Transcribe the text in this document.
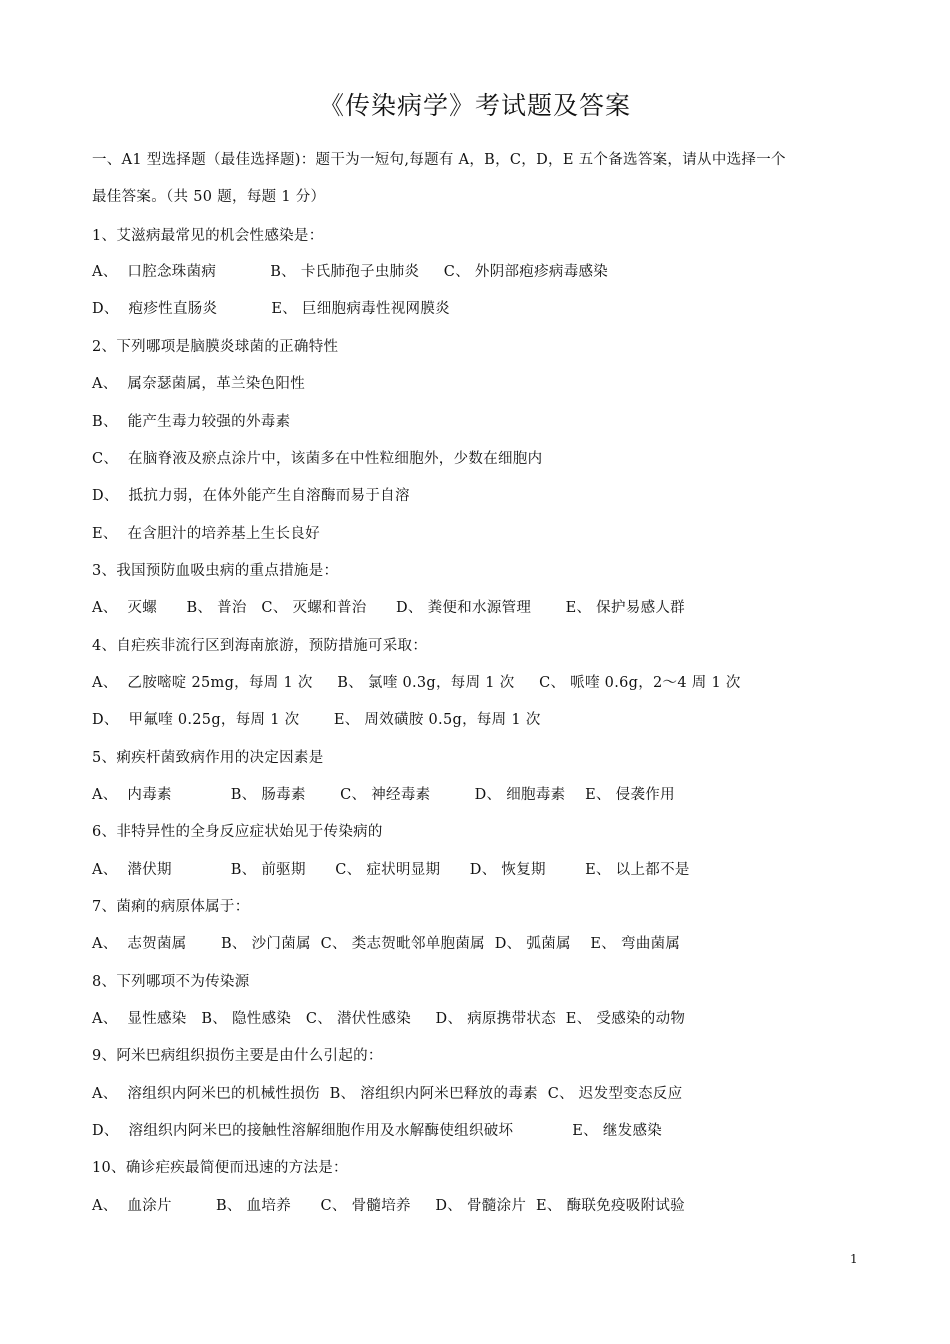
《传染病学》考试题及答案
一、A1 型选择题（最佳选择题)：题干为一短句,每题有 A，B，C，D，E 五个备选答案，请从中选择一个
最佳答案。（共 50 题，每题 1 分）
1、艾滋病最常见的机会性感染是：
A、  口腔念珠菌病           B、 卡氏肺孢子虫肺炎     C、 外阴部疱疹病毒感染
D、  疱疹性直肠炎           E、 巨细胞病毒性视网膜炎
2、下列哪项是脑膜炎球菌的正确特性
A、  属奈瑟菌属，革兰染色阳性
B、  能产生毒力较强的外毒素
C、  在脑脊液及瘀点涂片中，该菌多在中性粒细胞外，少数在细胞内
D、  抵抗力弱，在体外能产生自溶酶而易于自溶
E、  在含胆汁的培养基上生长良好
3、我国预防血吸虫病的重点措施是：
A、  灭螺      B、 普治   C、 灭螺和普治      D、 粪便和水源管理       E、 保护易感人群
4、自疟疾非流行区到海南旅游，预防措施可采取：
A、  乙胺嘧啶 25mg，每周 1 次     B、 氯喹 0.3g，每周 1 次     C、 哌喹 0.6g，2～4 周 1 次
D、  甲氟喹 0.25g，每周 1 次       E、 周效磺胺 0.5g，每周 1 次
5、痢疾杆菌致病作用的决定因素是
A、  内毒素            B、 肠毒素       C、 神经毒素         D、 细胞毒素    E、 侵袭作用
6、非特异性的全身反应症状始见于传染病的
A、  潜伏期            B、 前驱期      C、 症状明显期      D、 恢复期        E、 以上都不是
7、菌痢的病原体属于：
A、  志贺菌属       B、 沙门菌属  C、 类志贺毗邻单胞菌属  D、 弧菌属    E、 弯曲菌属
8、下列哪项不为传染源
A、  显性感染   B、 隐性感染   C、 潜伏性感染     D、 病原携带状态  E、 受感染的动物
9、阿米巴病组织损伤主要是由什么引起的：
A、  溶组织内阿米巴的机械性损伤  B、 溶组织内阿米巴释放的毒素  C、 迟发型变态反应
D、  溶组织内阿米巴的接触性溶解细胞作用及水解酶使组织破坏            E、 继发感染
10、确诊疟疾最简便而迅速的方法是：
A、  血涂片         B、 血培养      C、 骨髓培养     D、 骨髓涂片  E、 酶联免疫吸附试验
1
